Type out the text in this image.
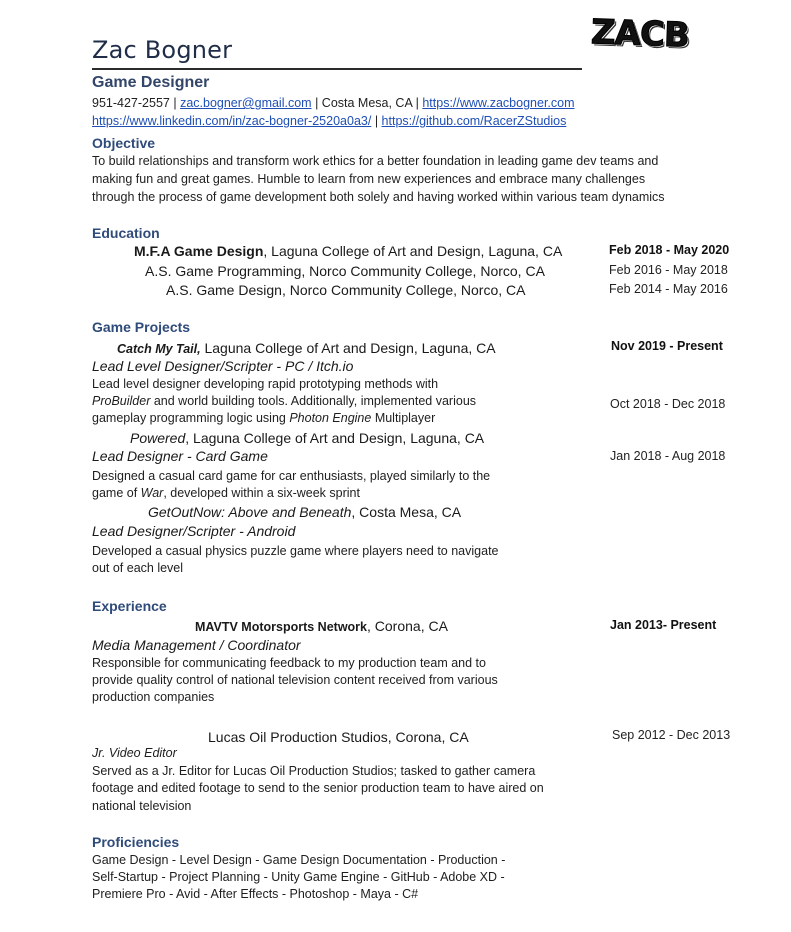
Zac Bogner	ZACB
Game Designer
951-427-2557 | zac.bogner@gmail.com | Costa Mesa, CA | https://www.zacbogner.com
https://www.linkedin.com/in/zac-bogner-2520a0a3/ | https://github.com/RacerZStudios
Objective
To build relationships and transform work ethics for a better foundation in leading game dev teams and
making fun and great games. Humble to learn from new experiences and embrace many challenges
through the process of game development both solely and having worked within various team dynamics
Education
M.F.A Game Design, Laguna College of Art and Design, Laguna, CA	Feb 2018 - May 2020
A.S. Game Programming, Norco Community College, Norco, CA	Feb 2016 - May 2018
A.S. Game Design, Norco Community College, Norco, CA	Feb 2014 - May 2016
Game Projects
Catch My Tail, Laguna College of Art and Design, Laguna, CA	Nov 2019 - Present
Lead Level Designer/Scripter - PC / Itch.io
Lead level designer developing rapid prototyping methods with
ProBuilder and world building tools. Additionally, implemented various	Oct 2018 - Dec 2018
gameplay programming logic using Photon Engine Multiplayer
Powered, Laguna College of Art and Design, Laguna, CA
Lead Designer - Card Game	Jan 2018 - Aug 2018
Designed a casual card game for car enthusiasts, played similarly to the
game of War, developed within a six-week sprint
GetOutNow: Above and Beneath, Costa Mesa, CA
Lead Designer/Scripter - Android
Developed a casual physics puzzle game where players need to navigate
out of each level
Experience
MAVTV Motorsports Network, Corona, CA	Jan 2013- Present
Media Management / Coordinator
Responsible for communicating feedback to my production team and to
provide quality control of national television content received from various
production companies
Lucas Oil Production Studios, Corona, CA	Sep 2012 - Dec 2013
Jr. Video Editor
Served as a Jr. Editor for Lucas Oil Production Studios; tasked to gather camera
footage and edited footage to send to the senior production team to have aired on
national television
Proficiencies
Game Design - Level Design - Game Design Documentation - Production -
Self-Startup - Project Planning - Unity Game Engine - GitHub - Adobe XD -
Premiere Pro - Avid - After Effects - Photoshop - Maya - C#
